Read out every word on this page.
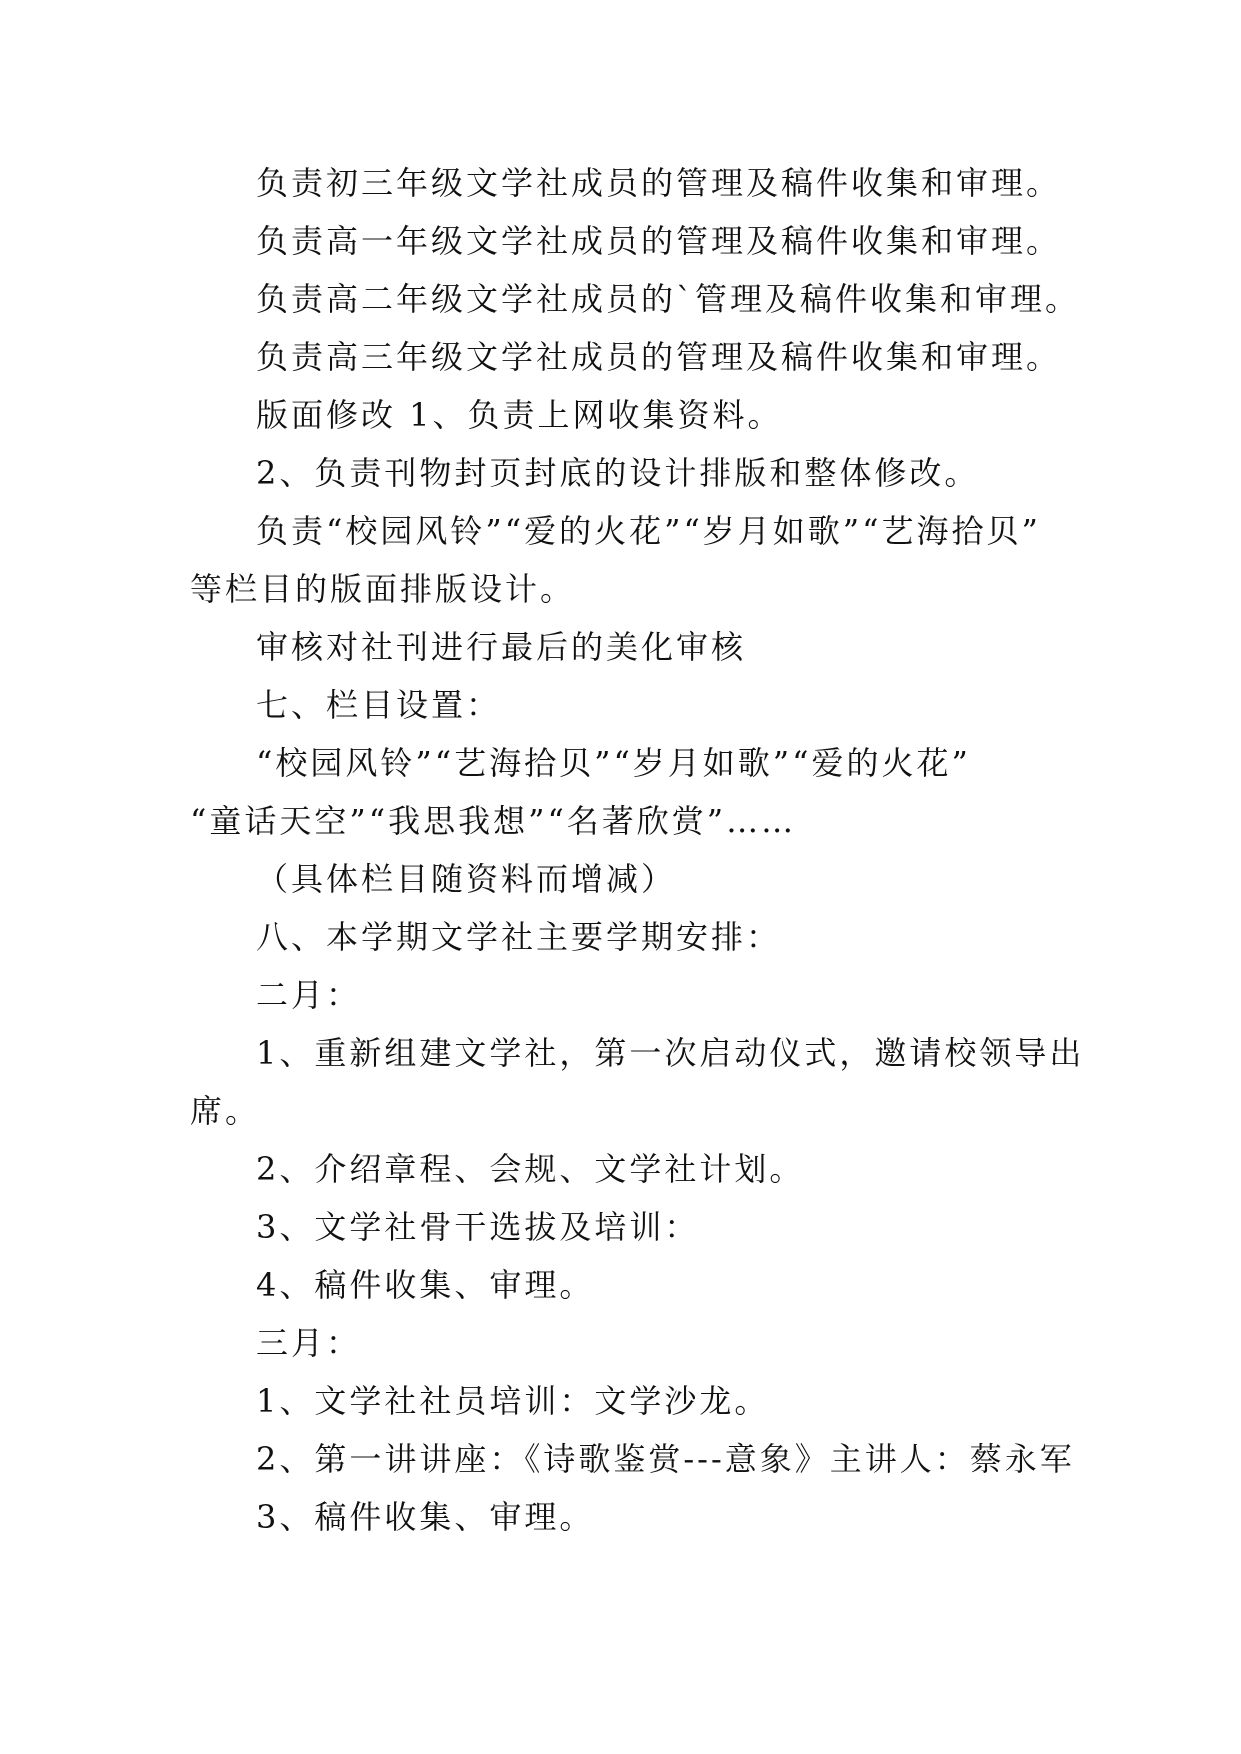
负责初三年级文学社成员的管理及稿件收集和审理。

负责高一年级文学社成员的管理及稿件收集和审理。

负责高二年级文学社成员的`管理及稿件收集和审理。

负责高三年级文学社成员的管理及稿件收集和审理。

版面修改 1、负责上网收集资料。

2、负责刊物封页封底的设计排版和整体修改。

负责“校园风铃”“爱的火花”“岁月如歌”“艺海拾贝”

等栏目的版面排版设计。

审核对社刊进行最后的美化审核

七、栏目设置：

“校园风铃”“艺海拾贝”“岁月如歌”“爱的火花”

“童话天空”“我思我想”“名著欣赏”……

（具体栏目随资料而增减）

八、本学期文学社主要学期安排：

二月：

1、重新组建文学社，第一次启动仪式，邀请校领导出

席。

2、介绍章程、会规、文学社计划。

3、文学社骨干选拔及培训：

4、稿件收集、审理。

三月：

1、文学社社员培训：文学沙龙。

2、第一讲讲座：《诗歌鉴赏---意象》主讲人：蔡永军

3、稿件收集、审理。
